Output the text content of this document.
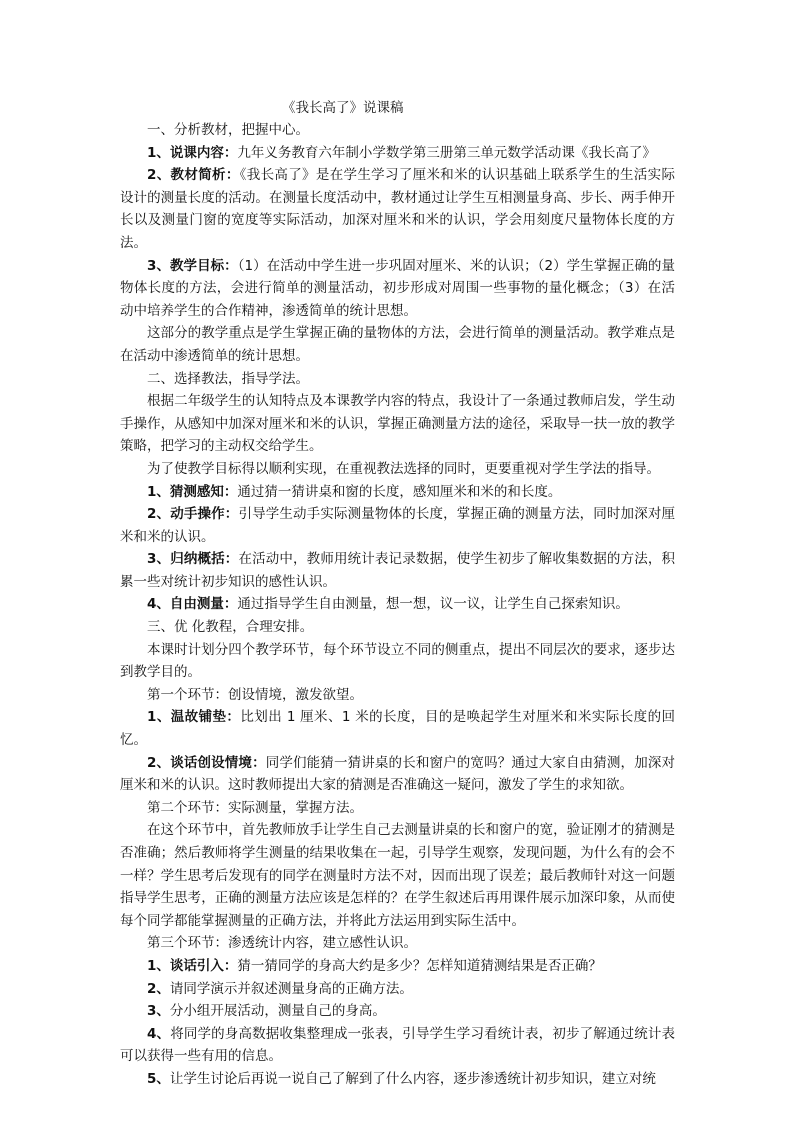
《我长高了》说课稿

一、分析教材，把握中心。

1、说课内容：九年义务教育六年制小学数学第三册第三单元数学活动课《我长高了》

2、教材简析：《我长高了》是在学生学习了厘米和米的认识基础上联系学生的生活实际设计的测量长度的活动。在测量长度活动中，教材通过让学生互相测量身高、步长、两手伸开长以及测量门窗的宽度等实际活动，加深对厘米和米的认识，学会用刻度尺量物体长度的方法。

3、教学目标：（1）在活动中学生进一步巩固对厘米、米的认识；（2）学生掌握正确的量物体长度的方法，会进行简单的测量活动，初步形成对周围一些事物的量化概念；（3）在活动中培养学生的合作精神，渗透简单的统计思想。

这部分的教学重点是学生掌握正确的量物体的方法，会进行简单的测量活动。教学难点是在活动中渗透简单的统计思想。

二、选择教法，指导学法。

根据二年级学生的认知特点及本课教学内容的特点，我设计了一条通过教师启发，学生动手操作，从感知中加深对厘米和米的认识，掌握正确测量方法的途径，采取导一扶一放的教学策略，把学习的主动权交给学生。

为了使教学目标得以顺利实现，在重视教法选择的同时，更要重视对学生学法的指导。

1、猜测感知：通过猜一猜讲桌和窗的长度，感知厘米和米的和长度。

2、动手操作：引导学生动手实际测量物体的长度，掌握正确的测量方法，同时加深对厘米和米的认识。

3、归纳概括：在活动中，教师用统计表记录数据，使学生初步了解收集数据的方法，积累一些对统计初步知识的感性认识。

4、自由测量：通过指导学生自由测量，想一想，议一议，让学生自己探索知识。

三、优 化教程，合理安排。

本课时计划分四个教学环节，每个环节设立不同的侧重点，提出不同层次的要求，逐步达到教学目的。

第一个环节：创设情境，激发欲望。

1、温故铺垫：比划出 1 厘米、1 米的长度，目的是唤起学生对厘米和米实际长度的回忆。

2、谈话创设情境：同学们能猜一猜讲桌的长和窗户的宽吗？通过大家自由猜测，加深对厘米和米的认识。这时教师提出大家的猜测是否准确这一疑问，激发了学生的求知欲。

第二个环节：实际测量，掌握方法。

在这个环节中，首先教师放手让学生自己去测量讲桌的长和窗户的宽，验证刚才的猜测是否准确；然后教师将学生测量的结果收集在一起，引导学生观察，发现问题，为什么有的会不一样？学生思考后发现有的同学在测量时方法不对，因而出现了误差；最后教师针对这一问题指导学生思考，正确的测量方法应该是怎样的？在学生叙述后再用课件展示加深印象，从而使每个同学都能掌握测量的正确方法，并将此方法运用到实际生活中。

第三个环节：渗透统计内容，建立感性认识。

1、谈话引入：猜一猜同学的身高大约是多少？怎样知道猜测结果是否正确？

2、请同学演示并叙述测量身高的正确方法。

3、分小组开展活动，测量自己的身高。

4、将同学的身高数据收集整理成一张表，引导学生学习看统计表，初步了解通过统计表可以获得一些有用的信息。

5、让学生讨论后再说一说自己了解到了什么内容，逐步渗透统计初步知识，建立对统
